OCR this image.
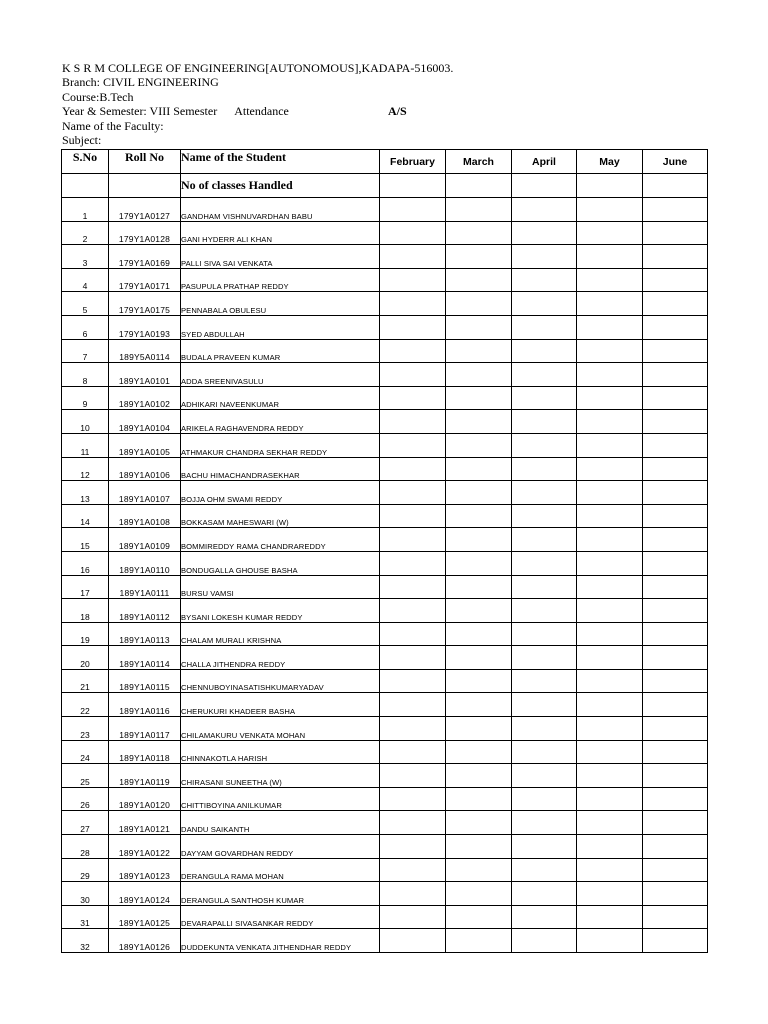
K S R M COLLEGE OF ENGINEERING[AUTONOMOUS],KADAPA-516003.
Branch: CIVIL ENGINEERING
Course:B.Tech
Year & Semester: VIII Semester Attendance	A/S
Name of the Faculty:
Subject:
S.No	Roll No	Name of the Student	February	March	April	May	June
		No of classes Handled					
1	179Y1A0127	GANDHAM VISHNUVARDHAN BABU					
2	179Y1A0128	GANI HYDERR ALI KHAN					
3	179Y1A0169	PALLI SIVA SAI VENKATA					
4	179Y1A0171	PASUPULA PRATHAP REDDY					
5	179Y1A0175	PENNABALA OBULESU					
6	179Y1A0193	SYED ABDULLAH					
7	189Y5A0114	BUDALA PRAVEEN KUMAR					
8	189Y1A0101	ADDA SREENIVASULU					
9	189Y1A0102	ADHIKARI NAVEENKUMAR					
10	189Y1A0104	ARIKELA RAGHAVENDRA REDDY					
11	189Y1A0105	ATHMAKUR CHANDRA SEKHAR REDDY					
12	189Y1A0106	BACHU HIMACHANDRASEKHAR					
13	189Y1A0107	BOJJA OHM SWAMI REDDY					
14	189Y1A0108	BOKKASAM MAHESWARI (W)					
15	189Y1A0109	BOMMIREDDY RAMA CHANDRAREDDY					
16	189Y1A0110	BONDUGALLA GHOUSE BASHA					
17	189Y1A0111	BURSU VAMSI					
18	189Y1A0112	BYSANI LOKESH KUMAR REDDY					
19	189Y1A0113	CHALAM MURALI KRISHNA					
20	189Y1A0114	CHALLA JITHENDRA REDDY					
21	189Y1A0115	CHENNUBOYINASATISHKUMARYADAV					
22	189Y1A0116	CHERUKURI KHADEER BASHA					
23	189Y1A0117	CHILAMAKURU VENKATA MOHAN					
24	189Y1A0118	CHINNAKOTLA HARISH					
25	189Y1A0119	CHIRASANI SUNEETHA (W)					
26	189Y1A0120	CHITTIBOYINA ANILKUMAR					
27	189Y1A0121	DANDU SAIKANTH					
28	189Y1A0122	DAYYAM GOVARDHAN REDDY					
29	189Y1A0123	DERANGULA RAMA MOHAN					
30	189Y1A0124	DERANGULA SANTHOSH KUMAR					
31	189Y1A0125	DEVARAPALLI SIVASANKAR REDDY					
32	189Y1A0126	DUDDEKUNTA VENKATA JITHENDHAR REDDY					
